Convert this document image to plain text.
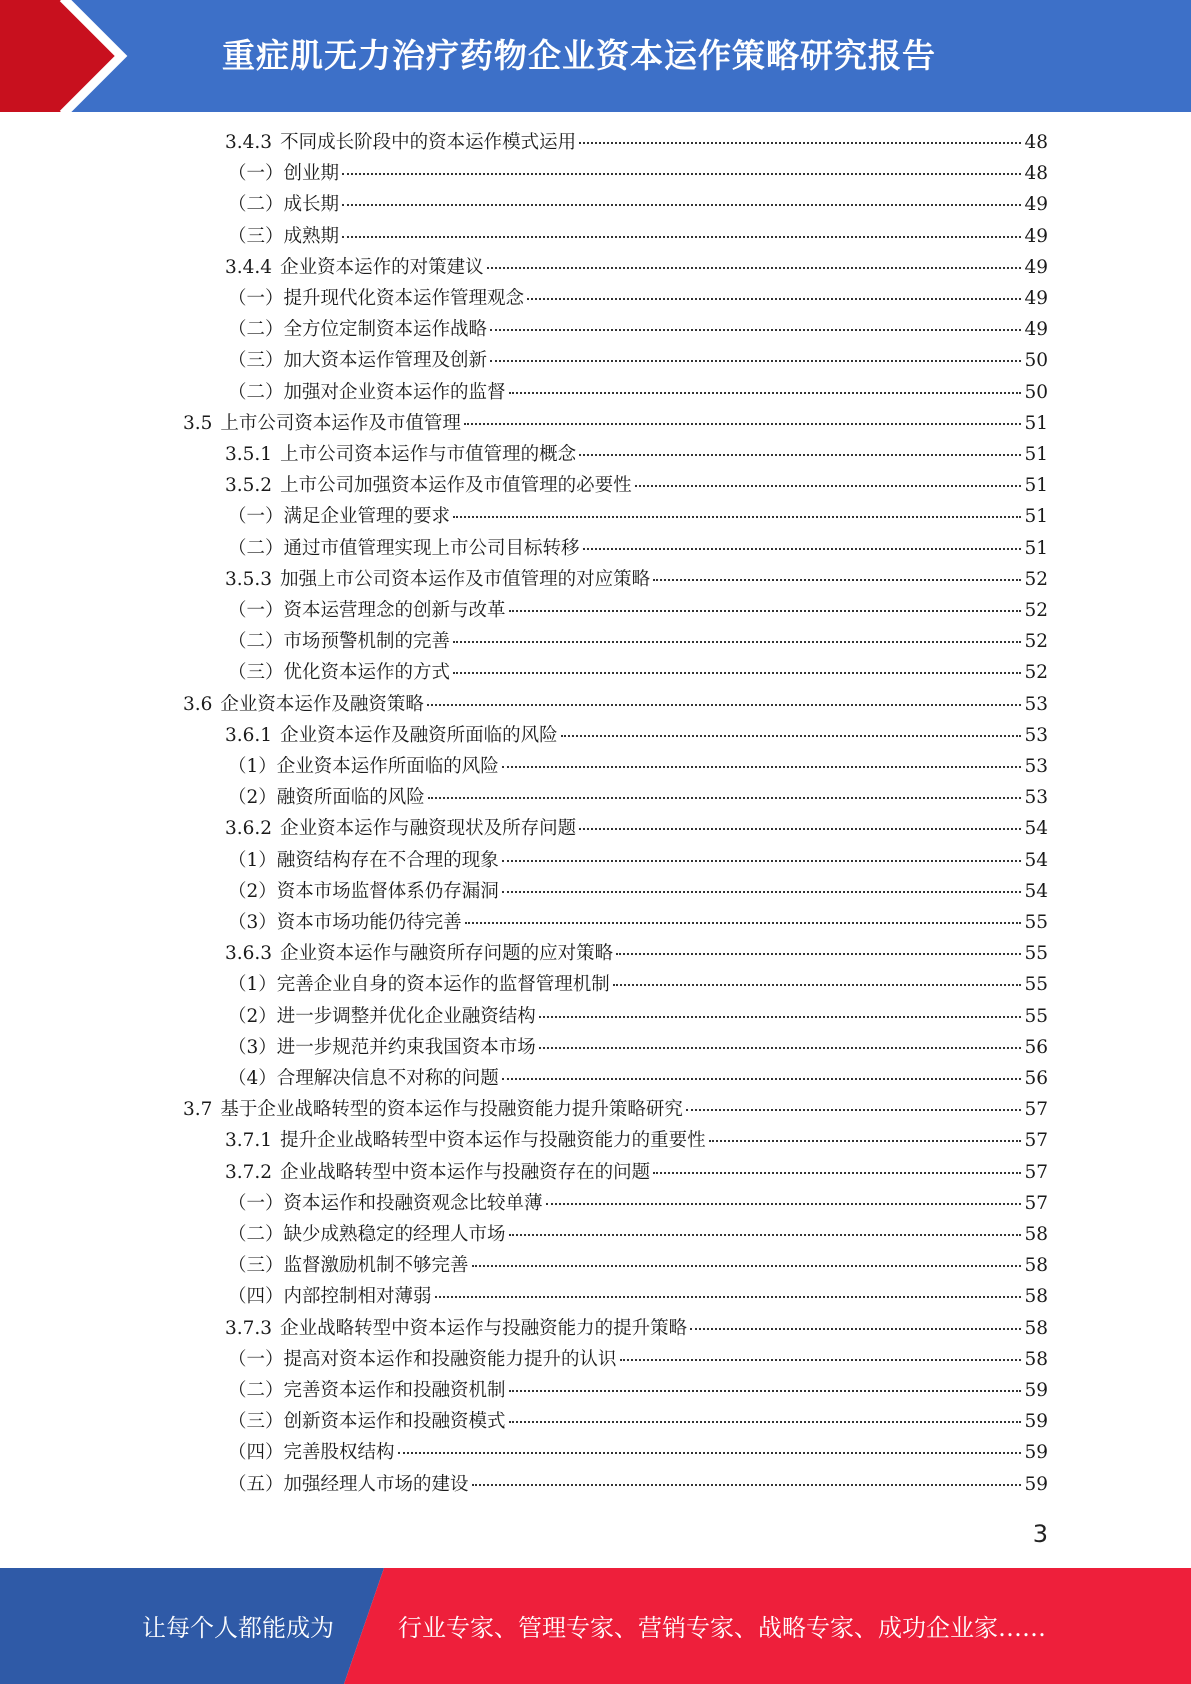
重症肌无力治疗药物企业资本运作策略研究报告
3.4.3 不同成长阶段中的资本运作模式运用	48
（一）创业期	48
（二）成长期	49
（三）成熟期	49
3.4.4 企业资本运作的对策建议	49
（一）提升现代化资本运作管理观念	49
（二）全方位定制资本运作战略	49
（三）加大资本运作管理及创新	50
（二）加强对企业资本运作的监督	50
3.5 上市公司资本运作及市值管理	51
3.5.1 上市公司资本运作与市值管理的概念	51
3.5.2 上市公司加强资本运作及市值管理的必要性	51
（一）满足企业管理的要求	51
（二）通过市值管理实现上市公司目标转移	51
3.5.3 加强上市公司资本运作及市值管理的对应策略	52
（一）资本运营理念的创新与改革	52
（二）市场预警机制的完善	52
（三）优化资本运作的方式	52
3.6 企业资本运作及融资策略	53
3.6.1 企业资本运作及融资所面临的风险	53
（1）企业资本运作所面临的风险	53
（2）融资所面临的风险	53
3.6.2 企业资本运作与融资现状及所存问题	54
（1）融资结构存在不合理的现象	54
（2）资本市场监督体系仍存漏洞	54
（3）资本市场功能仍待完善	55
3.6.3 企业资本运作与融资所存问题的应对策略	55
（1）完善企业自身的资本运作的监督管理机制	55
（2）进一步调整并优化企业融资结构	55
（3）进一步规范并约束我国资本市场	56
（4）合理解决信息不对称的问题	56
3.7 基于企业战略转型的资本运作与投融资能力提升策略研究	57
3.7.1 提升企业战略转型中资本运作与投融资能力的重要性	57
3.7.2 企业战略转型中资本运作与投融资存在的问题	57
（一）资本运作和投融资观念比较单薄	57
（二）缺少成熟稳定的经理人市场	58
（三）监督激励机制不够完善	58
（四）内部控制相对薄弱	58
3.7.3 企业战略转型中资本运作与投融资能力的提升策略	58
（一）提高对资本运作和投融资能力提升的认识	58
（二）完善资本运作和投融资机制	59
（三）创新资本运作和投融资模式	59
（四）完善股权结构	59
（五）加强经理人市场的建设	59
3
让每个人都能成为	行业专家、管理专家、营销专家、战略专家、成功企业家……
